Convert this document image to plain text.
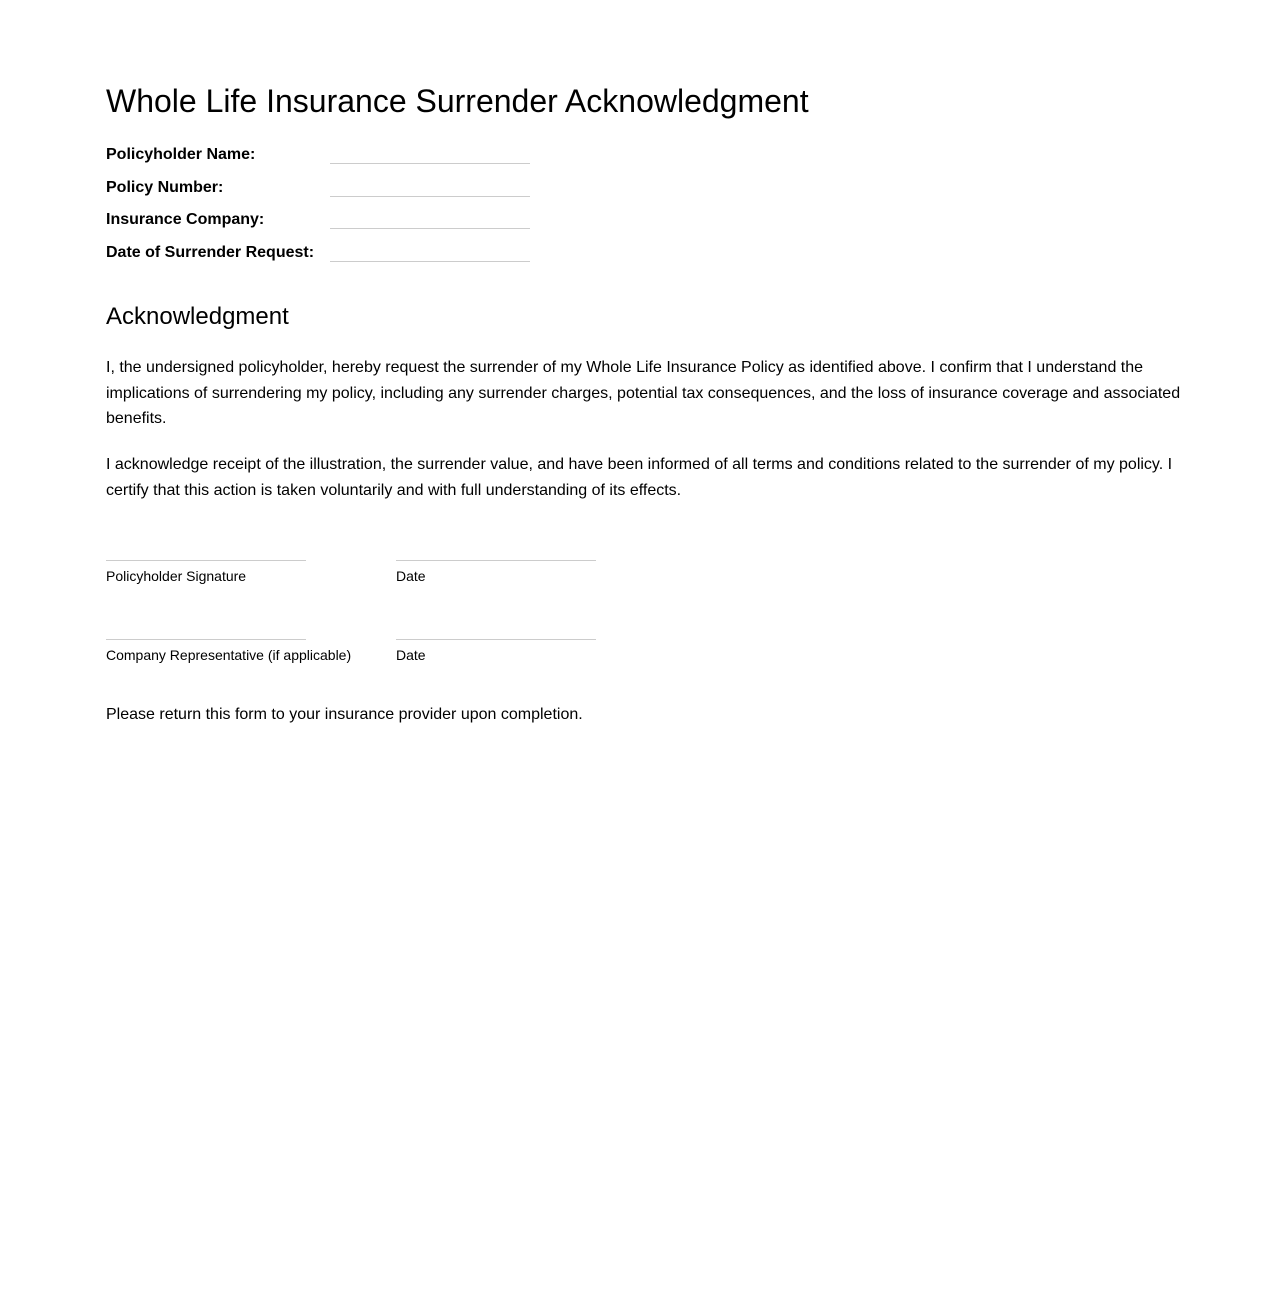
Whole Life Insurance Surrender Acknowledgment
Policyholder Name:
Policy Number:
Insurance Company:
Date of Surrender Request:
Acknowledgment

I, the undersigned policyholder, hereby request the surrender of my Whole Life Insurance Policy as identified above. I confirm that I understand the implications of surrendering my policy, including any surrender charges, potential tax consequences, and the loss of insurance coverage and associated benefits.

I acknowledge receipt of the illustration, the surrender value, and have been informed of all terms and conditions related to the surrender of my policy. I certify that this action is taken voluntarily and with full understanding of its effects.

Policyholder Signature	Date
Company Representative (if applicable)	Date

Please return this form to your insurance provider upon completion.
